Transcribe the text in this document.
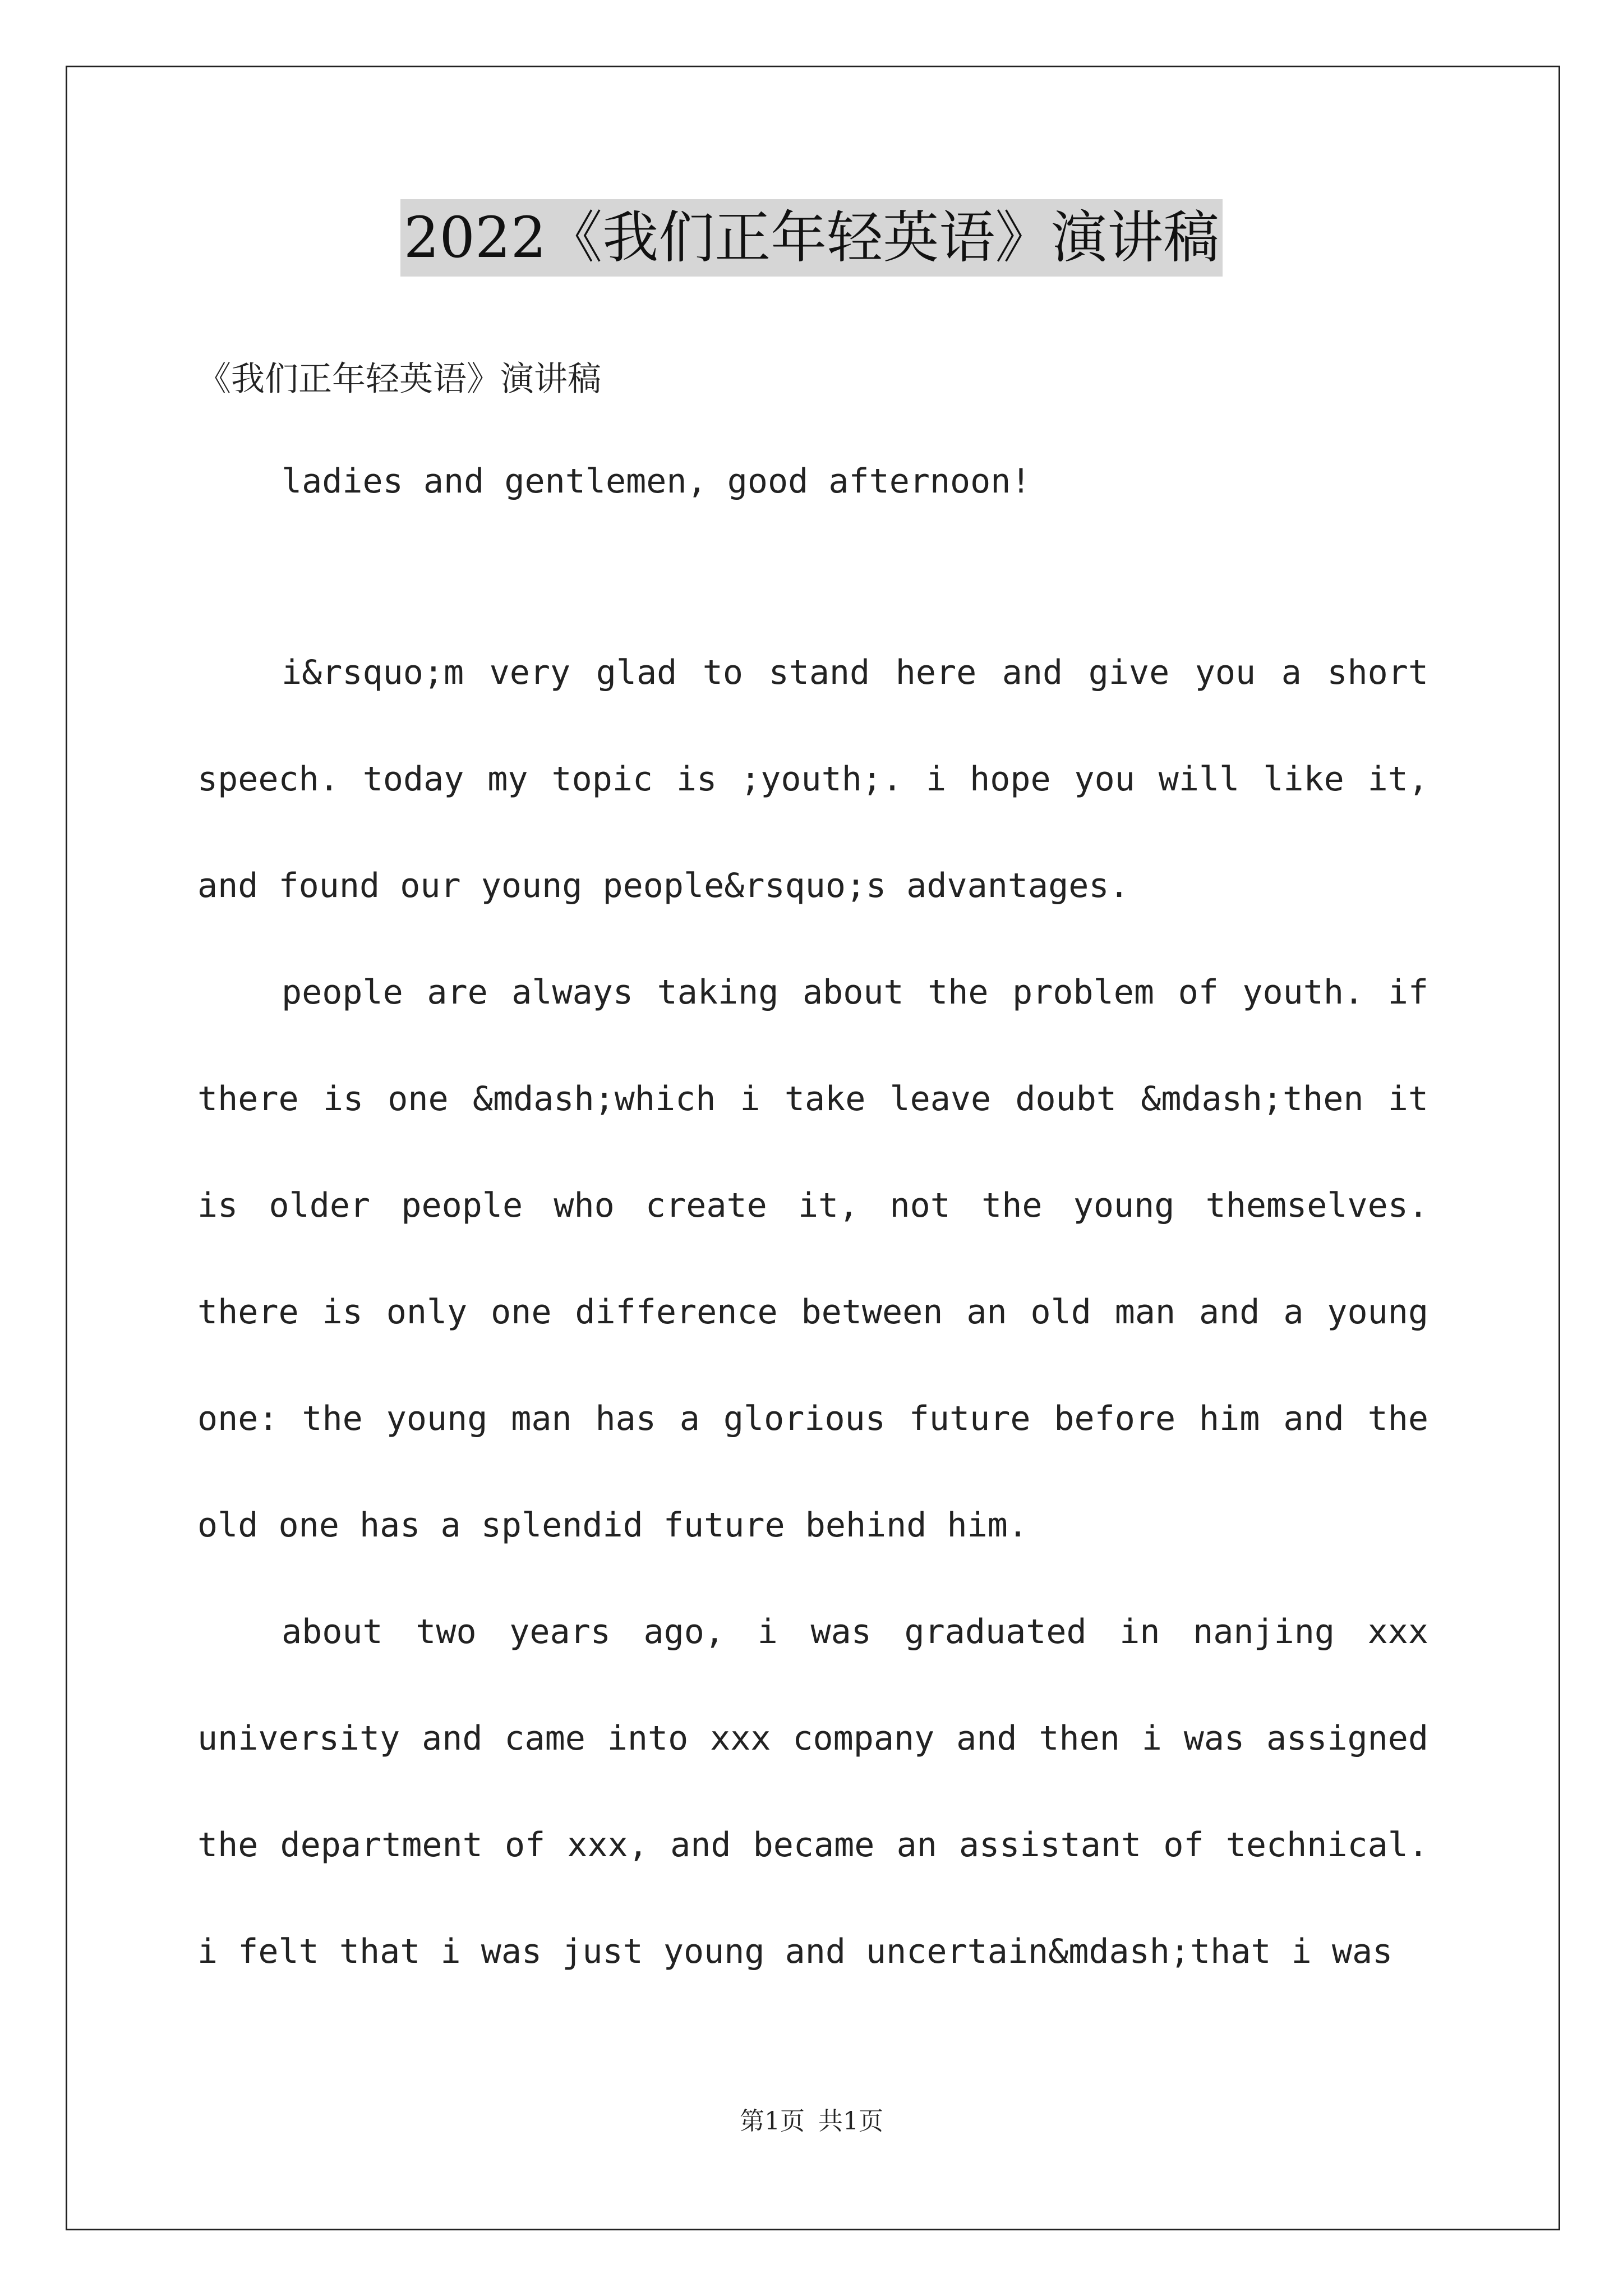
2022《我们正年轻英语》演讲稿

《我们正年轻英语》演讲稿

ladies and gentlemen, good afternoon!

i&rsquo;m very glad to stand here and give you a short speech. today my topic is ;youth;. i hope you will like it, and found our young people&rsquo;s advantages.

people are always taking about the problem of youth. if there is one &mdash;which i take leave doubt &mdash;then it is older people who create it, not the young themselves. there is only one difference between an old man and a young one: the young man has a glorious future before him and the old one has a splendid future behind him.

about two years ago, i was graduated in nanjing xxx university and came into xxx company and then i was assigned the department of xxx, and became an assistant of technical. i felt that i was just young and uncertain&mdash;that i was

第1页 共1页
